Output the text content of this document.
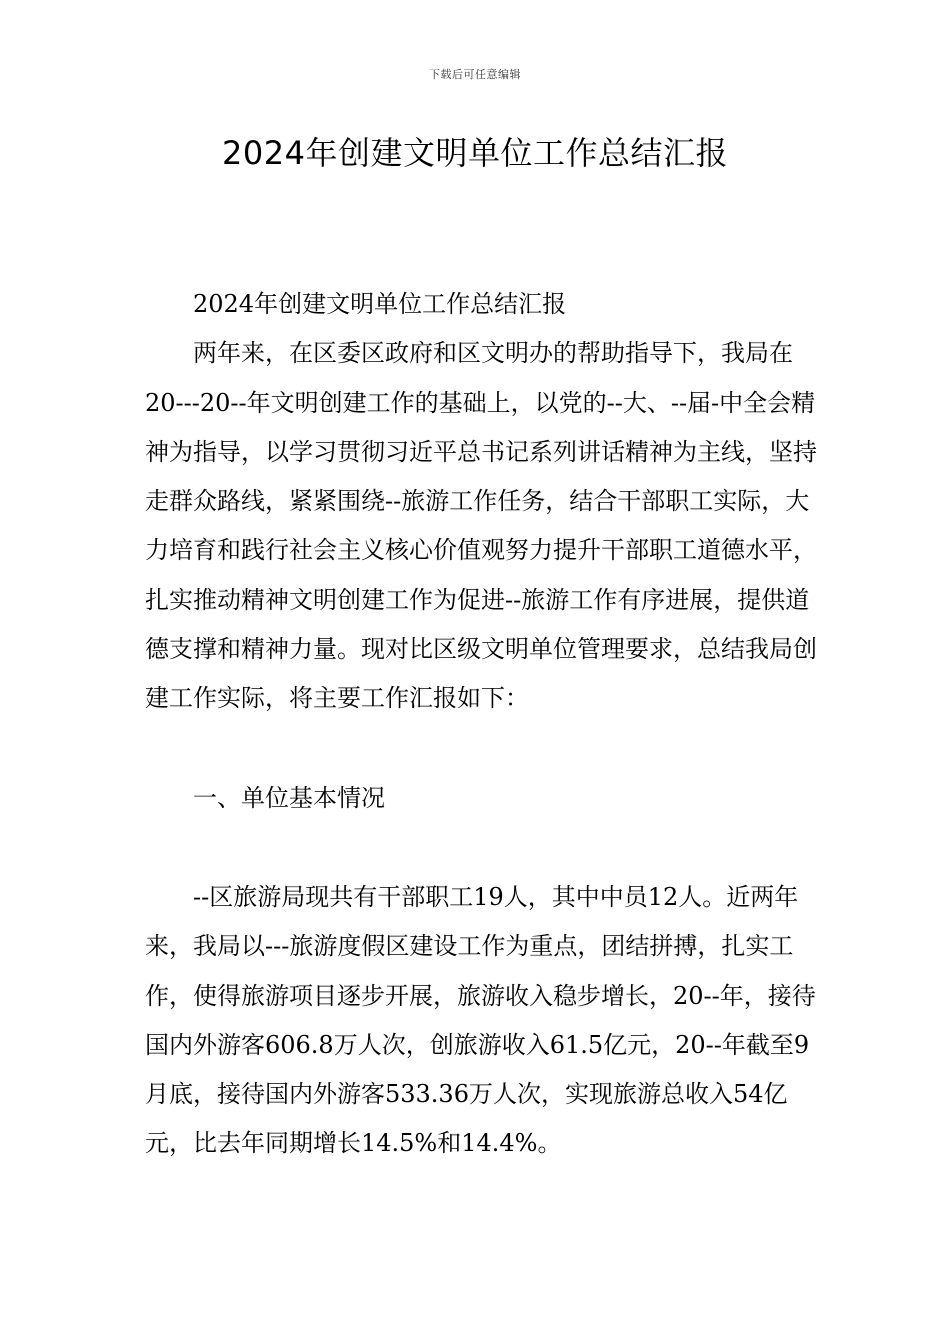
下载后可任意编辑
2024年创建文明单位工作总结汇报

2024年创建文明单位工作总结汇报

两年来，在区委区政府和区文明办的帮助指导下，我局在20---20--年文明创建工作的基础上，以党的--大、--届-中全会精神为指导，以学习贯彻习近平总书记系列讲话精神为主线，坚持走群众路线，紧紧围绕--旅游工作任务，结合干部职工实际，大力培育和践行社会主义核心价值观努力提升干部职工道德水平，扎实推动精神文明创建工作为促进--旅游工作有序进展，提供道德支撑和精神力量。现对比区级文明单位管理要求，总结我局创建工作实际，将主要工作汇报如下：

一、单位基本情况

--区旅游局现共有干部职工19人，其中中员12人。近两年来，我局以---旅游度假区建设工作为重点，团结拼搏，扎实工作，使得旅游项目逐步开展，旅游收入稳步增长，20--年，接待国内外游客606.8万人次，创旅游收入61.5亿元，20--年截至9月底，接待国内外游客533.36万人次，实现旅游总收入54亿元，比去年同期增长14.5%和14.4%。
